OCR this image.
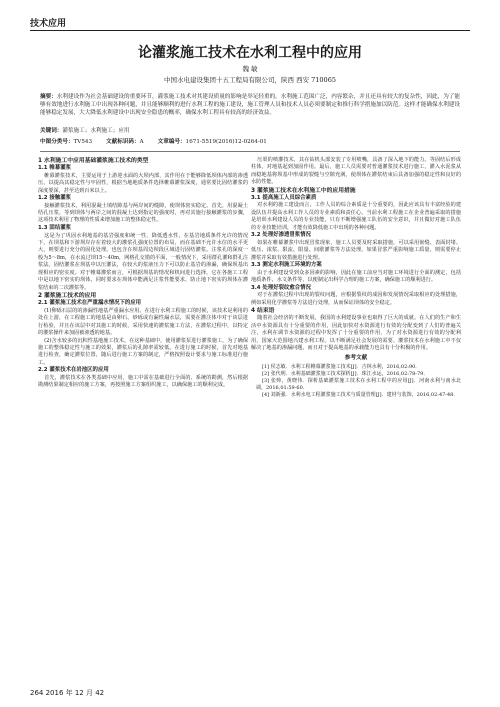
技术应用
论灌浆施工技术在水利工程中的应用
魏 敏
中国水电建设集团十五工程局有限公司，陕西 西安 710065
摘要：水利建设作为社会基础建设的重要环节，灌浆施工技术对其建设质量的影响是举足轻重的。水利施工范围广泛，内容繁杂，并且还具有较大的复杂性，因此，为了能够有效地进行水利施工中出现各种问题，并且能够顺利的进行水利工程的施工建设，施工管理人员和技术人员必须要制定和推行科学措施加以防范。这样才能确保水利建设能够稳定发展，大大降低水利建设中出现安全隐患的概率，确保水利工程具有较高的经济效益。
关键词：灌浆施工；水利施工；应用
中图分类号：TV543	文献标识码：A	文章编号：1671-5519(2016)12-0264-01
1 水利施工中应用基础灌浆施工技术的类型
1.1 帷幕灌浆

帷幕灌浆技术，主要运用于上游迎水面的大坝内部，其作用在于能够降低坝体内部的渗透压，以提高其稳定性与牢固性，根据当地地质条件选择帷幕灌浆深度，通常要比固结灌浆的深度要深，甚至达到百米以上。

1.2 接触灌浆

接触灌浆技术，利用混凝土填结隙基与两岸间的缝隙，使坝体密实稳定。首先，用混凝土结孔压浆，等到坝体与两岸之间的混凝土达到指定的强度时，再对其施行接触灌浆的步骤，这项技术利用了物理的性质来增加施工的整体稳定性。

1.3 固结灌浆

这是为了巩固水利地基的基岩强度和统一性，降低透水性，在基岩地质条件允许的情况下，在坝基和下游坝岸存在着较大的灌浆孔强度位置的布局，而在基础不允许水位的水平更大，则要进行充分的固化处理。也包含在坝基周边坝段区域进行固结灌浆。注浆孔的深度一般为5～8m，在水流过坝15～40m，网格孔交错的平面，一般情况下，采用群孔灌和群孔注浆法。固结灌浆在坝基中以压灌法，在较大的浆液压力下可以防止基岩的渗漏，确保坝基出现相应的密实度。对于帷幕灌浆而言，可根据坝基的情况和机间进行选择，它在各施工工程中是以地下密实的坝体，同时要求在坝体中能满足注浆性能要求，防止地下密实的坝体在灌浆结束的二次灌浆等。

2 灌浆施工技术的应用
2.1 灌浆施工技术在严重漏水情况下的应用

(1)卵砾石层的的渗漏性地基严重漏水应用。在进行水利工程施工的时候，该技术是利用的处在上游，在工程施工的地基是由卵石、砂砾或有漏性漏水层，需要在灌注体中对于该层进行检验，并且在该层中对其施工的时候，采用快速的灌浆施工方法，在灌浆过程中，以特定的灌浆操作来加固被渗透的地基。

(2)含水较多的沉积性基地施工技术。在这种基础中，使用灌浆泵进行灌浆施工，为了确保施工的整体稳定性与施工的效果，灌浆后的孔隙率需较低。在进行施工的时候，首先对地基进行检查，确定灌浆位置，随后进行施工方案的制定，严格按照设计要求与施工标准进行施工。

2.2 灌浆技术在岩池区的应用

首先，灌浆技术在各类基础中应用，施工中需在基础进行全面的、系统的勘测，然后根据勘测结果制定相应的施工方案，再按照施工方案组织施工，以确保施工的顺利完成。

压渠的喷灌技术，其在钻机头部安装了专用喷嘴，具备了深入地下的能力。等固结后形成柱体，对地基起到加固作用。最后，施工人员需要对普通灌浆技术进行施工，灌入水泥浆从而稳地基将坝基中形成的裂缝与空隙充满，使坝体在灌浆结束后具备加强的稳定性和良好的水防性能。

3 灌浆施工技术在水利施工中的应用措施
3.1 提高施工人员综合素质

对水利的施工建设而言，工作人员的综合素质是十分重要的，因此应该具有丰富经验的建设队伍并提高水利工作人员的专业素质和责任心。当前水利工程施工在企业普遍采取的措施是培训水利建设人员的专业技能，只有不断增强施工队伍的安全意识，并且做好对施工队伍的专业技能培训，才能有效降低施工中出现的各种问题。

3.2 处理好渗透冒浆情况

如果在帷幕灌浆中出现冒浆现象，施工人员要及时采取措施，可以采用嵌缝、表面封堵、低压、浓浆、限流、限量、间歇灌浆等方法处理。如果冒浆严重影响施工质量，则需要停止灌浆并采取有效措施进行处理。

3.3 测定水利施工环境的方案

由于水利建设受到众多因素的影响，因此在施工前应当对施工环境进行全面的测定，包括地质条件、水文条件等，以便制定出科学合理的施工方案，确保施工的顺利进行。

3.4 处理好裂纹愈合情况

对于在灌浆过程中出现的裂纹问题，应根据裂纹的成因和发展情况采取相应的处理措施，例如采用化学灌浆等方法进行处理，从而保证坝体的安全稳定。

4 结束语

随着社会经济的不断发展，我国的水利建设事业也取得了巨大的成就。在人们的生产和生活中水资源具有十分重要的作用，因此加快对水资源进行有效的分配变到了人们的普遍关注，水利在调节水资源的过程中发挥了十分重要的作用，为了对水资源进行有效的分配利用，国家大范围地兴建水利工程。以不断满足社会发展的需要。灌浆技术在水利施工中不仅解决了地基的渗漏问题，而且对于提高地基的承载能力也具有十分积极的作用。

参考文献

[1] 侯志敏．水利工程帷幕灌浆施工技术[J]．吉林水利，2016,02:90．

[2] 张代明．水利基础灌浆施工技术探析[J]．珠江水运，2016,02:78-79．

[3] 张帅，黄晓伟．探析基础灌浆施工技术在水利工程中的应用[J]．河南水利与南水北调，2016,01:59-60．

[4] 刘新强．水利水电工程灌浆施工技术与质量管理[J]．建材与装饰，2016,02:47-48．

264 2016 年 12 月 42
